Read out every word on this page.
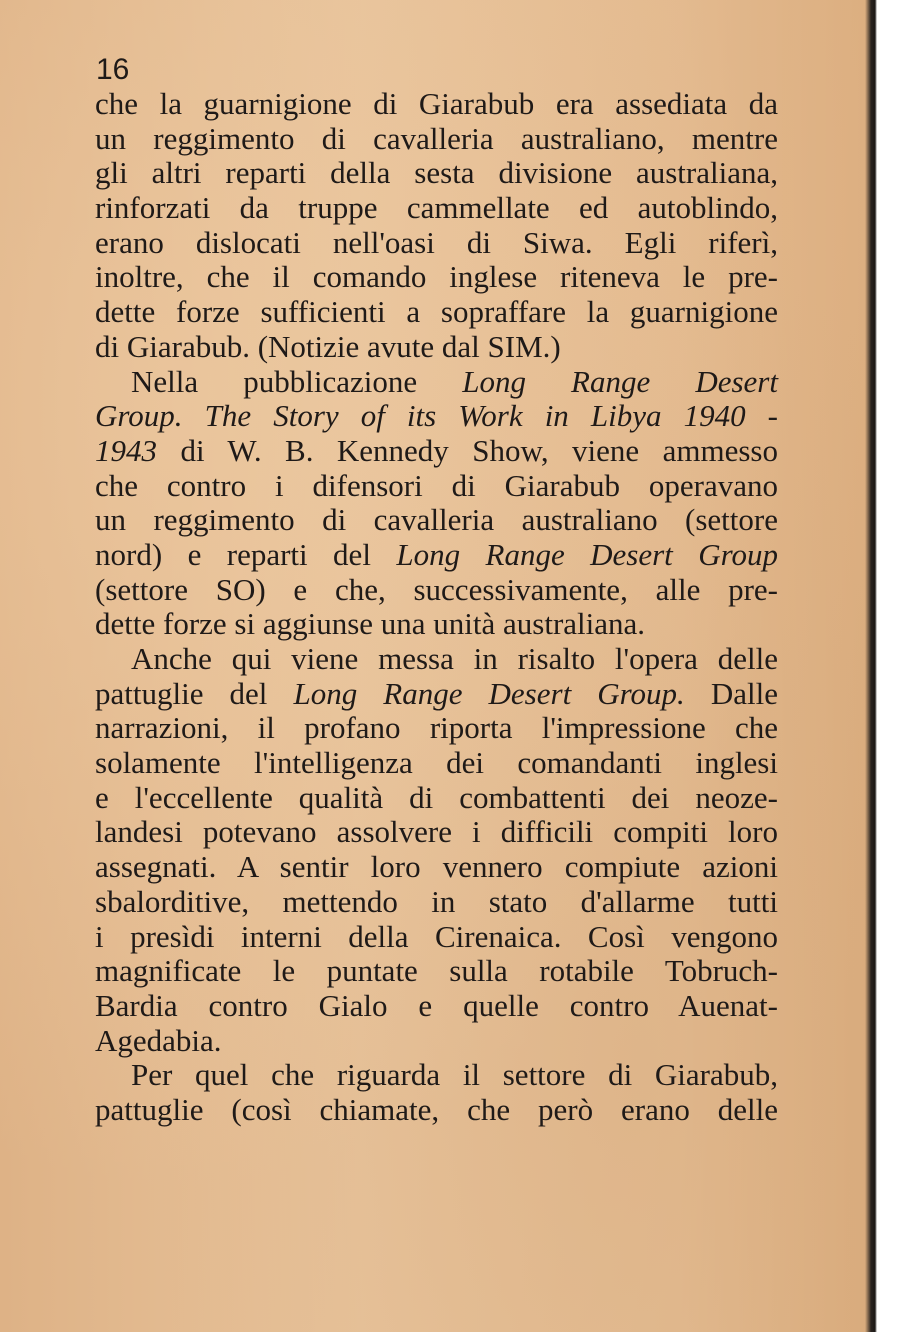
16
che la guarnigione di Giarabub era assediata da
un reggimento di cavalleria australiano, mentre
gli altri reparti della sesta divisione australiana,
rinforzati da truppe cammellate ed autoblindo,
erano dislocati nell'oasi di Siwa. Egli riferì,
inoltre, che il comando inglese riteneva le pre-
dette forze sufficienti a sopraffare la guarnigione
di Giarabub. (Notizie avute dal SIM.)
Nella pubblicazione Long Range Desert
Group. The Story of its Work in Libya 1940 -
1943 di W. B. Kennedy Show, viene ammesso
che contro i difensori di Giarabub operavano
un reggimento di cavalleria australiano (settore
nord) e reparti del Long Range Desert Group
(settore SO) e che, successivamente, alle pre-
dette forze si aggiunse una unità australiana.
Anche qui viene messa in risalto l'opera delle
pattuglie del Long Range Desert Group. Dalle
narrazioni, il profano riporta l'impressione che
solamente l'intelligenza dei comandanti inglesi
e l'eccellente qualità di combattenti dei neoze-
landesi potevano assolvere i difficili compiti loro
assegnati. A sentir loro vennero compiute azioni
sbalorditive, mettendo in stato d'allarme tutti
i presìdi interni della Cirenaica. Così vengono
magnificate le puntate sulla rotabile Tobruch-
Bardia contro Gialo e quelle contro Auenat-
Agedabia.
Per quel che riguarda il settore di Giarabub,
pattuglie (così chiamate, che però erano delle
